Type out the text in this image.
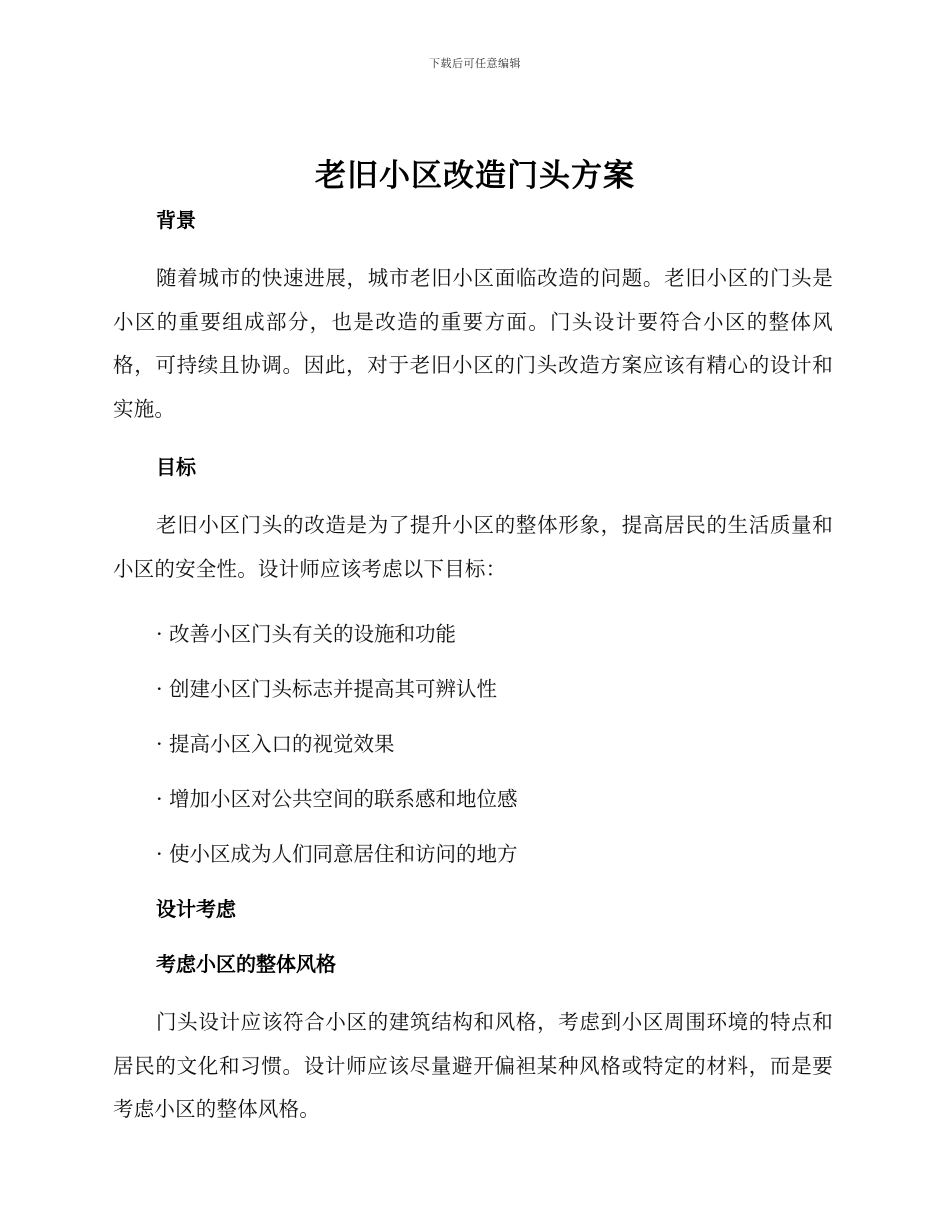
下载后可任意编辑
老旧小区改造门头方案
背景

随着城市的快速进展，城市老旧小区面临改造的问题。老旧小区的门头是小区的重要组成部分，也是改造的重要方面。门头设计要符合小区的整体风格，可持续且协调。因此，对于老旧小区的门头改造方案应该有精心的设计和实施。

目标

老旧小区门头的改造是为了提升小区的整体形象，提高居民的生活质量和小区的安全性。设计师应该考虑以下目标：

· 改善小区门头有关的设施和功能
· 创建小区门头标志并提高其可辨认性
· 提高小区入口的视觉效果
· 增加小区对公共空间的联系感和地位感
· 使小区成为人们同意居住和访问的地方
设计考虑
考虑小区的整体风格

门头设计应该符合小区的建筑结构和风格，考虑到小区周围环境的特点和居民的文化和习惯。设计师应该尽量避开偏袒某种风格或特定的材料，而是要考虑小区的整体风格。
